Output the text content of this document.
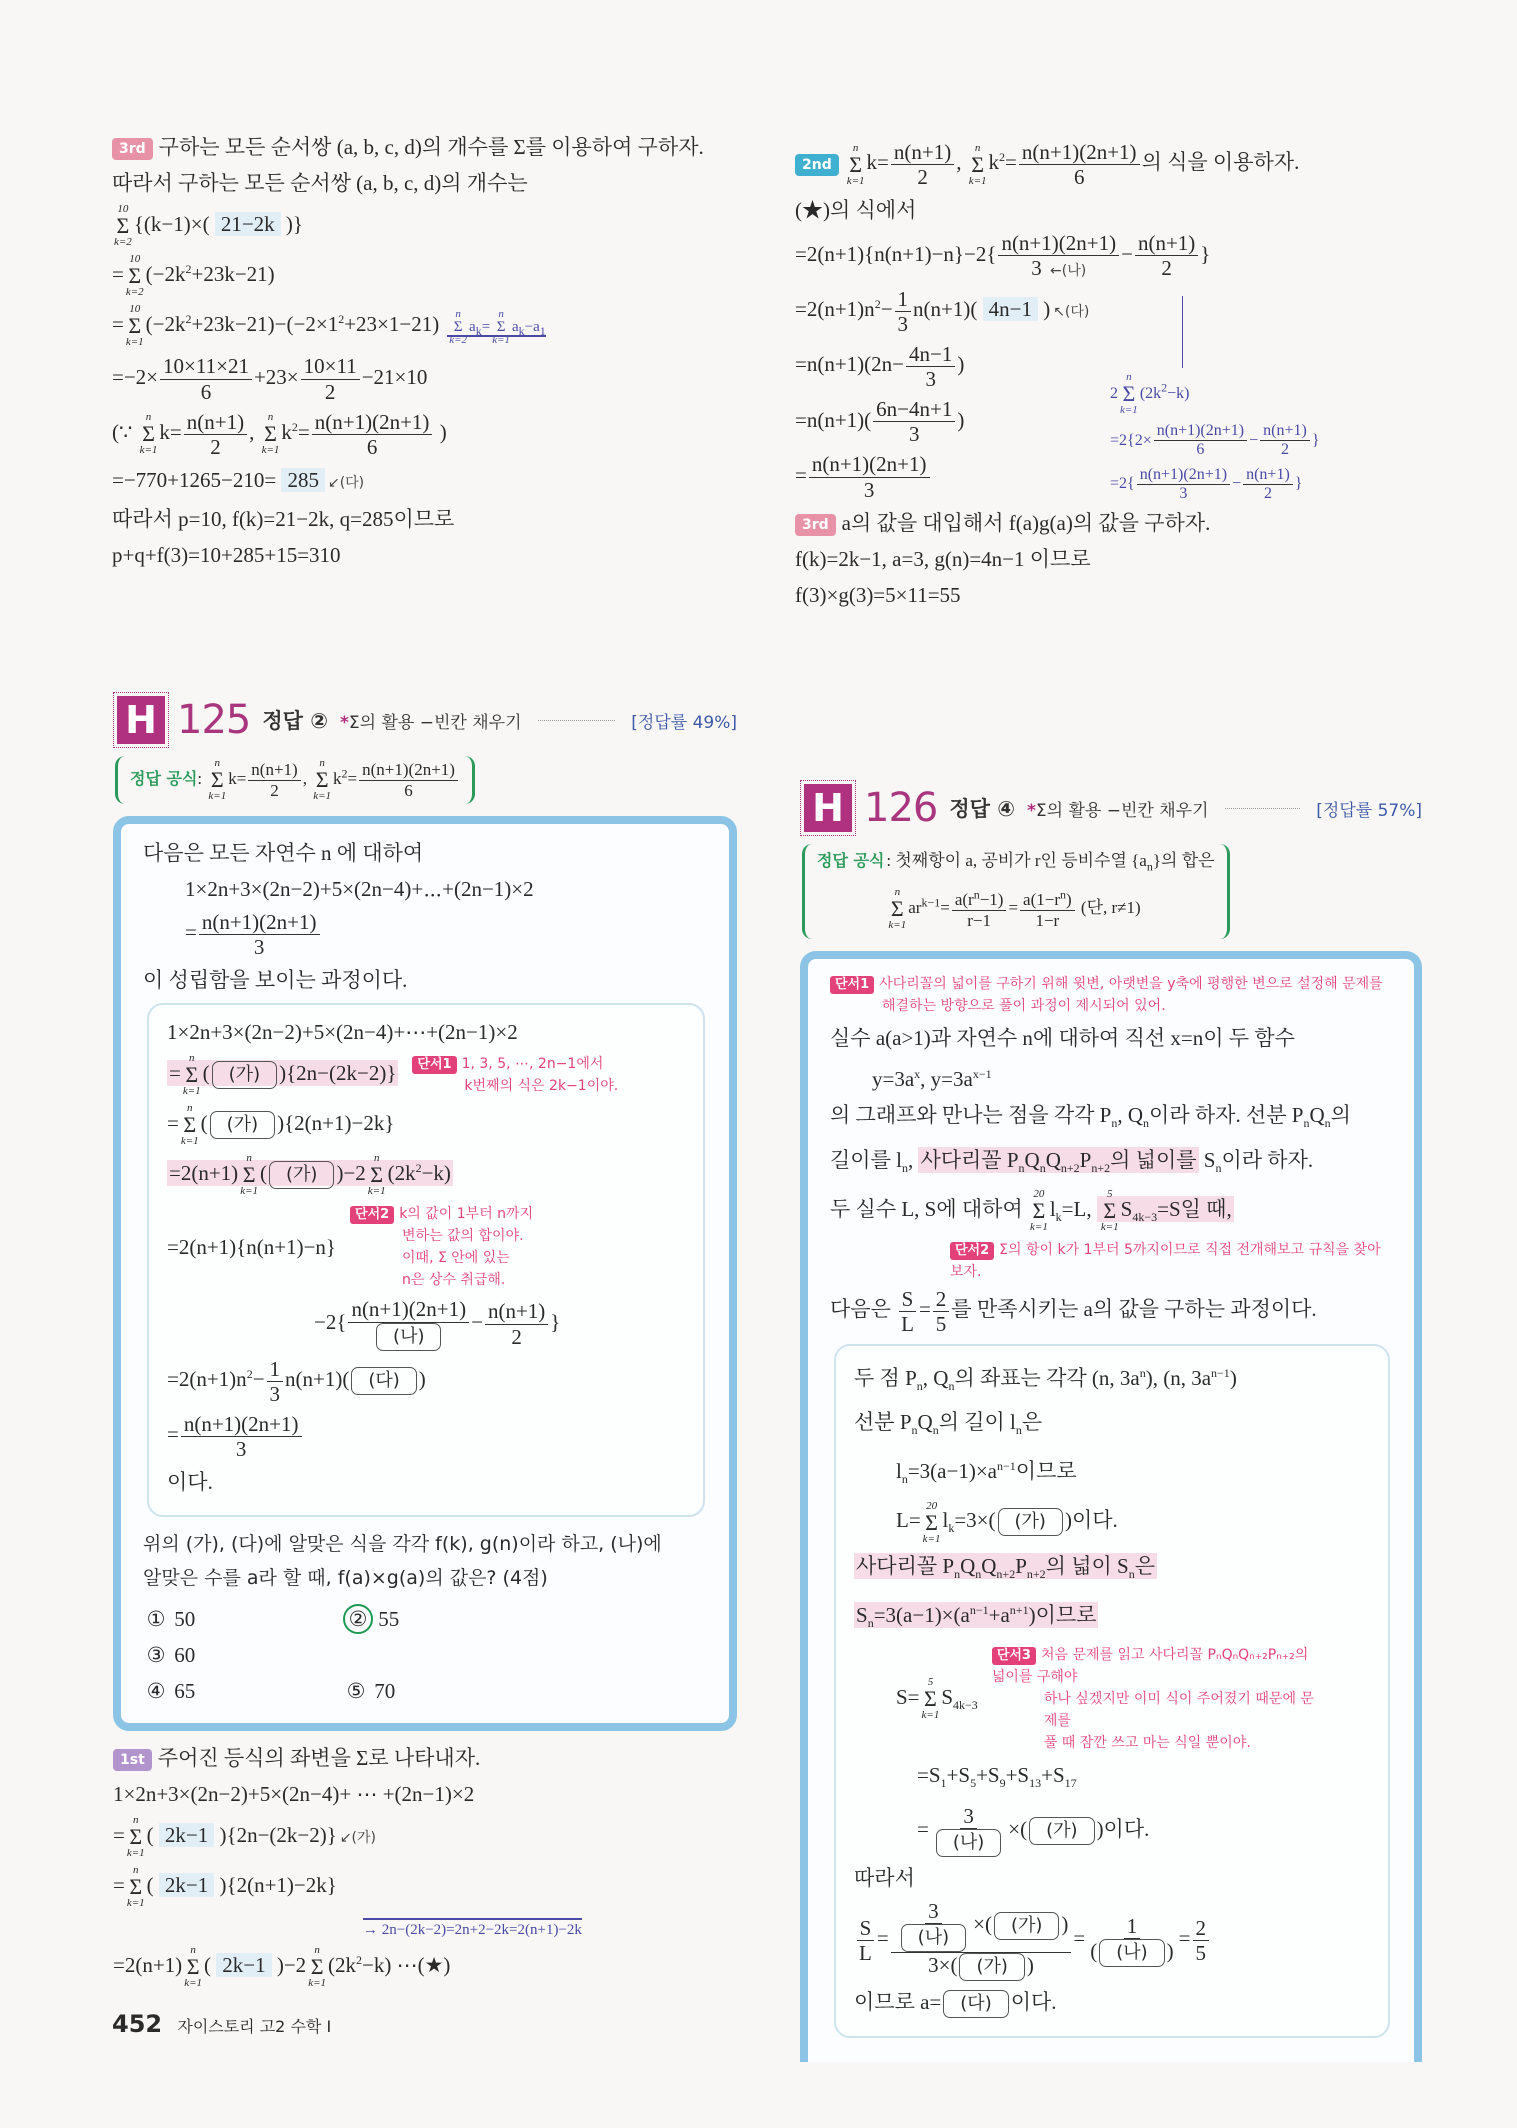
3rd 구하는 모든 순서쌍 (a, b, c, d)의 개수를 Σ를 이용하여 구하자.
따라서 구하는 모든 순서쌍 (a, b, c, d)의 개수는
10
Σ
k=2
{(k−1)×( 21−2k )}
=
10
Σ
k=2
$(-2k^2+23k-21)$
=
10
Σ
k=1
$(-2k^2+23k-21)-(-2\times 1^2+23\times 1-21)$ n
Σ
k=2
$a_k=$
n
Σ
k=1
$a_k-a_1$
$=-2\times \frac{10\times 11\times 21}{6} +23\times \frac{10\times 11}{2} -21\times 10$
(∵
n
Σ
k=1
$k= \frac{n(n+1)}{2}$ ,
n
Σ
k=1
$k^2= \frac{n(n+1)(2n+1)}{6}$ )
=−770+1265−210= 285 ↙(다)
따라서 p=10, f(k)=21−2k, q=285이므로
p+q+f(3)=10+285+15=310
2nd
n
Σ
k=1
$k= \frac{n(n+1)}{2}$ ,
n
Σ
k=1
$k^2= \frac{n(n+1)(2n+1)}{6}$ 의 식을 이용하자.
(★)의 식에서
$=2(n+1)\{n(n+1)-n\}-2\{ \frac{n(n+1)(2n+1)}{\text{3 ←(나)}} - \frac{n(n+1)}{2}$ }
$=2(n+1)n^2- \frac{1}{3} n(n+1)$( 4n−1 ) ↖(다)
$=n(n+1)(2n- \frac{4n-1}{3}$ )
$=n(n+1)( \frac{6n-4n+1}{3}$ )
= $\frac{n(n+1)(2n+1)}{3}$
3rd a의 값을 대입해서 f(a)g(a)의 값을 구하자.
f(k)=2k−1, a=3, g(n)=4n−1 이므로
f(3)×g(3)=5×11=55
2
n
Σ
k=1
$(2k^2-k)$
$=2\{2\times \frac{n(n+1)(2n+1)}{6} - \frac{n(n+1)}{2}$ }
$=2\{ \frac{n(n+1)(2n+1)}{3} - \frac{n(n+1)}{2}$ }
H 125 정답 ② *Σ의 활용 −빈칸 채우기	[정답률 49%]
정답 공식:
n
Σ
k=1
$k= \frac{n(n+1)}{2}$ ,
n
Σ
k=1
$k^2= \frac{n(n+1)(2n+1)}{6}$
다음은 모든 자연수 n 에 대하여
　　1×2n+3×(2n−2)+5×(2n−4)+⋯+(2n−1)×2
　　= $\frac{n(n+1)(2n+1)}{3}$
이 성립함을 보이는 과정이다.
1×2n+3×(2n−2)+5×(2n−4)+⋯+(2n−1)×2
=
n
Σ
k=1
( (가) ){2n−(2k−2)}	단서1 1, 3, 5, ⋯, 2n−1에서
k번째의 식은 2k−1이야.
=
n
Σ
k=1
( (가) ){2(n+1)−2k}
=2(n+1)
n
Σ
k=1
( (가) )−2
n
Σ
k=1
$(2k^2-k)$
=2(n+1){n(n+1)−n}
단서2 k의 값이 1부터 n까지
변하는 값의 합이야.
이때, Σ 안에 있는
n은 상수 취급해.
　　　　　　　$-2\{ \frac{n(n+1)(2n+1)}{\text{(나)}} - \frac{n(n+1)}{2}$ }
$=2(n+1)n^2- \frac{1}{3} n(n+1)$( (다) )
= $\frac{n(n+1)(2n+1)}{3}$
이다.
위의 (가), (다)에 알맞은 식을 각각 f(k), g(n)이라 하고, (나)에
알맞은 수를 a라 할 때, f(a)×g(a)의 값은? (4점)
① 50	② 55③ 60
④ 65	⑤ 70
1st 주어진 등식의 좌변을 Σ로 나타내자.
1×2n+3×(2n−2)+5×(2n−4)+ ⋯ +(2n−1)×2
=
n
Σ
k=1
( 2k−1 ){2n−(2k−2)} ↙(가)
=
n
Σ
k=1
( 2k−1 ){2(n+1)−2k}
→ 2n−(2k−2)=2n+2−2k=2(n+1)−2k
=2(n+1)
n
Σ
k=1
( 2k−1 )−2
n
Σ
k=1
$(2k^2-k)$ ⋯(★)
452 자이스토리 고2 수학 I
H 126 정답 ④ *Σ의 활용 −빈칸 채우기	[정답률 57%]
정답 공식 : 첫째항이 a, 공비가 r인 등비수열 $\{a_n\}$의 합은
n
Σ
k=1
$ar^{k-1}= \frac{a(r^n-1)}{r-1} = \frac{a(1-r^n)}{1-r}$ (단, r≠1)
단서1 사다리꼴의 넓이를 구하기 위해 윗변, 아랫변을 y축에 평행한 변으로 설정해 문제를
해결하는 방향으로 풀이 과정이 제시되어 있어.
실수 a(a>1)과 자연수 n에 대하여 직선 x=n이 두 함수
　　$y=3a^x$, $y=3a^{x-1}$
의 그래프와 만나는 점을 각각 $P_n$, $Q_n$이라 하자. 선분 $P_nQ_n$의
길이를 $l_n$, 사다리꼴 $P_nQ_nQ_{n+2}P_{n+2}$의 넓이를 $S_n$이라 하자.
두 실수 L, S에 대하여
20
Σ
k=1
$l_k=L$,
5
Σ
k=1
$S_{4k-3}=S$일 때,
단서2 Σ의 항이 k가 1부터 5까지이므로 직접 전개해보고 규칙을 찾아보자.
다음은 $\frac{S}{L} = \frac{2}{5}$ 를 만족시키는 a의 값을 구하는 과정이다.
두 점 $P_n$, $Q_n$의 좌표는 각각 (n, $3a^n$), (n, $3a^{n-1}$)
선분 $P_nQ_n$의 길이 $l_n$은
　　$l_n=3(a-1)\times a^{n-1}$이므로
　　L=
20
Σ
k=1
$l_k=3\times$( (가) )이다.
사다리꼴 $P_nQ_nQ_{n+2}P_{n+2}$의 넓이 $S_n$은
$S_n=3(a-1)\times(a^{n-1}+a^{n+1})$이므로
　　S=
5
Σ
k=1
$S_{4k-3}$
단서3 처음 문제를 읽고 사다리꼴 PₙQₙQₙ₊₂Pₙ₊₂의 넓이를 구해야
하나 싶겠지만 이미 식이 주어졌기 때문에 문제를
풀 때 잠깐 쓰고 마는 식일 뿐이야.
　　　$=S_1+S_5+S_9+S_{13}+S_{17}$
　　　= $\frac{3}{\text{(나)}}$ ×( (가) )이다.
따라서
$\frac{S}{L} = \frac{\frac{3}{\text{(나)}} \times( (가) )}{\text{3×( (가) )}} = \frac{1}{\text{( (나) )}} = \frac{2}{5}$
이므로 a= (다) 이다.
